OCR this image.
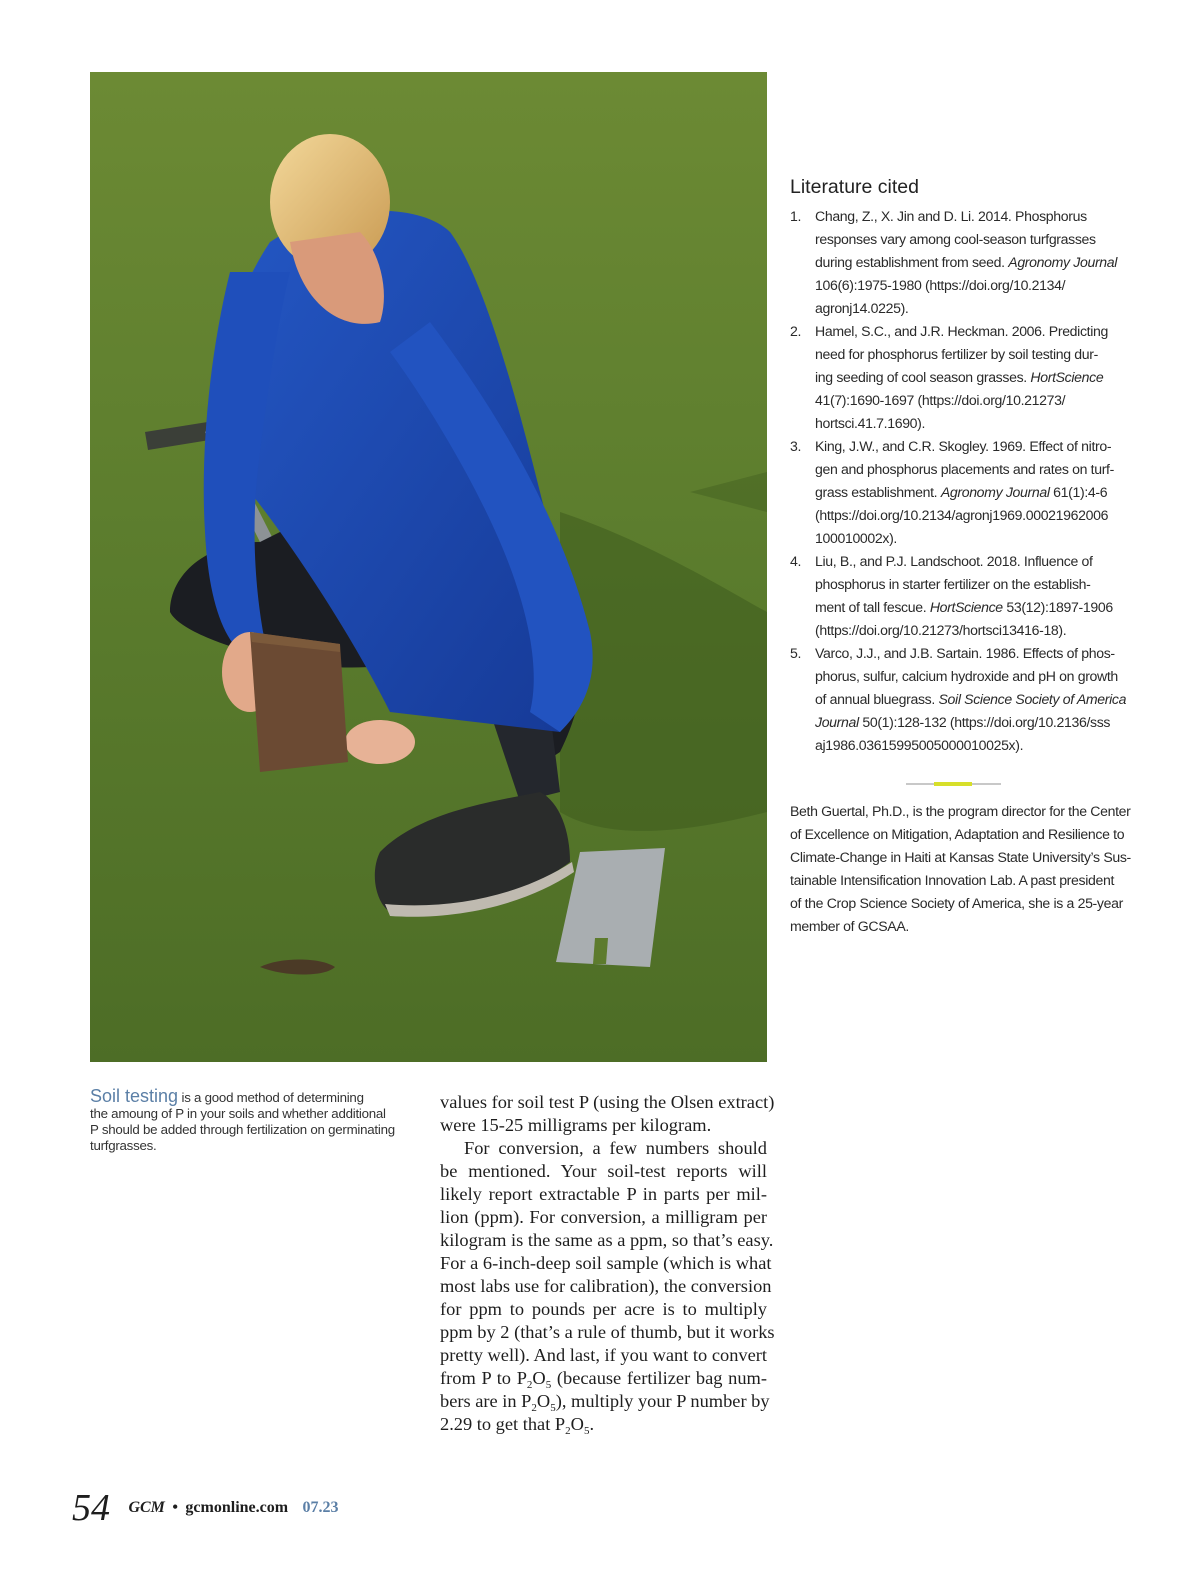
Literature cited
1. Chang, Z., X. Jin and D. Li. 2014. Phosphorus
responses vary among cool-season turfgrasses
during establishment from seed. Agronomy Journal
106(6):1975-1980 (https://doi.org/10.2134/
agronj14.0225).
2. Hamel, S.C., and J.R. Heckman. 2006. Predicting
need for phosphorus fertilizer by soil testing dur-
ing seeding of cool season grasses. HortScience
41(7):1690-1697 (https://doi.org/10.21273/
hortsci.41.7.1690).
3. King, J.W., and C.R. Skogley. 1969. Effect of nitro-
gen and phosphorus placements and rates on turf-
grass establishment. Agronomy Journal 61(1):4-6
(https://doi.org/10.2134/agronj1969.00021962006
100010002x).
4. Liu, B., and P.J. Landschoot. 2018. Influence of
phosphorus in starter fertilizer on the establish-
ment of tall fescue. HortScience 53(12):1897-1906
(https://doi.org/10.21273/hortsci13416-18).
5. Varco, J.J., and J.B. Sartain. 1986. Effects of phos-
phorus, sulfur, calcium hydroxide and pH on growth
of annual bluegrass. Soil Science Society of America
Journal 50(1):128-132 (https://doi.org/10.2136/sss
aj1986.03615995005000010025x).
Beth Guertal, Ph.D., is the program director for the Center
of Excellence on Mitigation, Adaptation and Resilience to
Climate-Change in Haiti at Kansas State University’s Sus-
tainable Intensification Innovation Lab. A past president
of the Crop Science Society of America, she is a 25-year
member of GCSAA.
Soil testing is a good method of determining
the amoung of P in your soils and whether additional
P should be added through fertilization on germinating
turfgrasses.
values for soil test P (using the Olsen extract)
were 15-25 milligrams per kilogram.
For conversion, a few numbers should
be mentioned. Your soil-test reports will
likely report extractable P in parts per mil-
lion (ppm). For conversion, a milligram per
kilogram is the same as a ppm, so that’s easy.
For a 6-inch-deep soil sample (which is what
most labs use for calibration), the conversion
for ppm to pounds per acre is to multiply
ppm by 2 (that’s a rule of thumb, but it works
pretty well). And last, if you want to convert
from P to $P_2O_5$ (because fertilizer bag num-
bers are in $P_2O_5$), multiply your P number by
2.29 to get that $P_2O_5$.
54 GCM • gcmonline.com 07.23
